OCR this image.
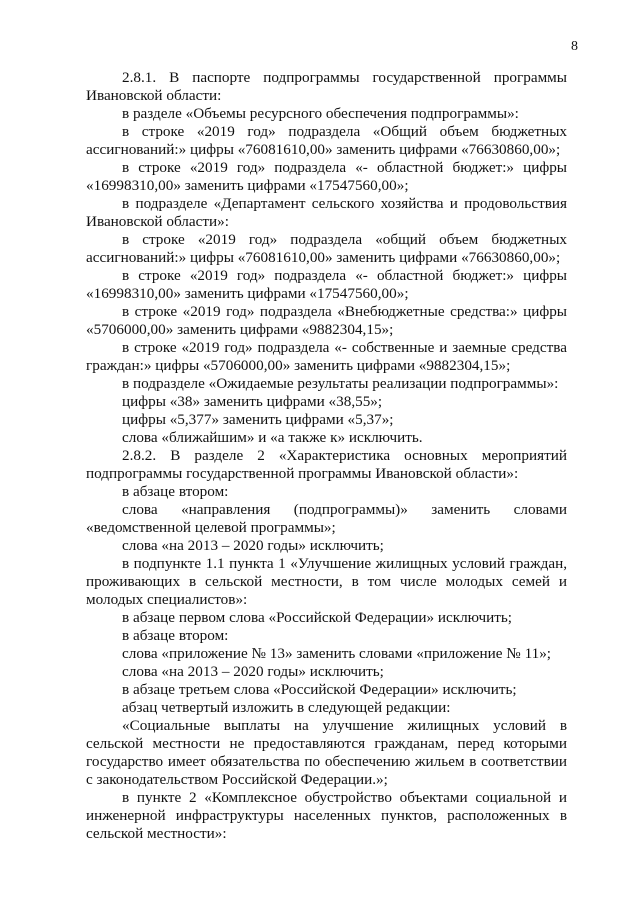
8

2.8.1. В паспорте подпрограммы государственной программы Ивановской области:

в разделе «Объемы ресурсного обеспечения подпрограммы»:

в строке «2019 год» подраздела «Общий объем бюджетных ассигнований:» цифры «76081610,00» заменить цифрами «76630860,00»;

в строке «2019 год» подраздела «- областной бюджет:» цифры «16998310,00» заменить цифрами «17547560,00»;

в подразделе «Департамент сельского хозяйства и продовольствия Ивановской области»:

в строке «2019 год» подраздела «общий объем бюджетных ассигнований:» цифры «76081610,00» заменить цифрами «76630860,00»;

в строке «2019 год» подраздела «- областной бюджет:» цифры «16998310,00» заменить цифрами «17547560,00»;

в строке «2019 год» подраздела «Внебюджетные средства:» цифры «5706000,00» заменить цифрами «9882304,15»;

в строке «2019 год» подраздела «- собственные и заемные средства граждан:» цифры «5706000,00» заменить цифрами «9882304,15»;

в подразделе «Ожидаемые результаты реализации подпрограммы»:

цифры «38» заменить цифрами «38,55»;

цифры «5,377» заменить цифрами «5,37»;

слова «ближайшим» и «а также к» исключить.

2.8.2. В разделе 2 «Характеристика основных мероприятий подпрограммы государственной программы Ивановской области»:

в абзаце втором:

слова «направления (подпрограммы)» заменить словами «ведомственной целевой программы»;

слова «на 2013 – 2020 годы» исключить;

в подпункте 1.1 пункта 1 «Улучшение жилищных условий граждан, проживающих в сельской местности, в том числе молодых семей и молодых специалистов»:

в абзаце первом слова «Российской Федерации» исключить;

в абзаце втором:

слова «приложение № 13» заменить словами «приложение № 11»;

слова «на 2013 – 2020 годы» исключить;

в абзаце третьем слова «Российской Федерации» исключить;

абзац четвертый изложить в следующей редакции:

«Социальные выплаты на улучшение жилищных условий в сельской местности не предоставляются гражданам, перед которыми государство имеет обязательства по обеспечению жильем в соответствии с законодательством Российской Федерации.»;

в пункте 2 «Комплексное обустройство объектами социальной и инженерной инфраструктуры населенных пунктов, расположенных в сельской местности»:
